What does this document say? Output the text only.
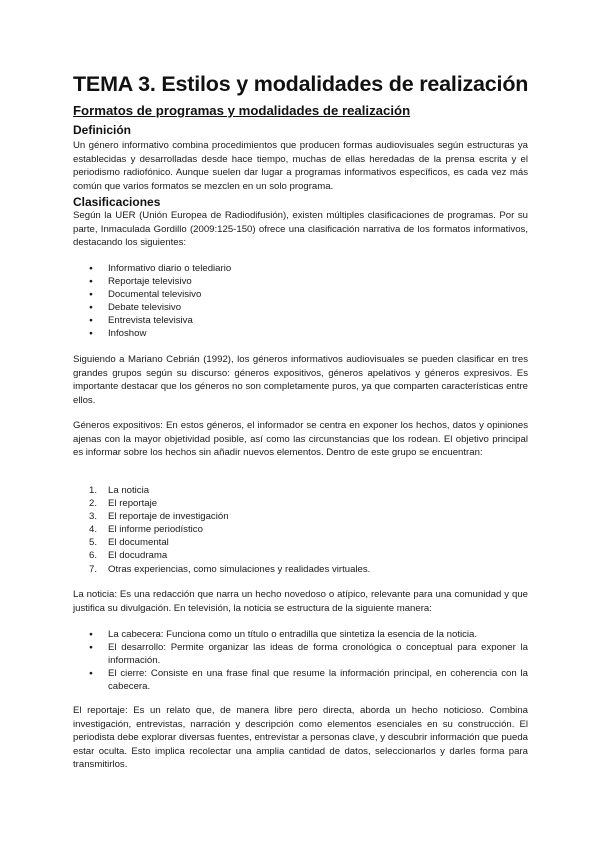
TEMA 3. Estilos y modalidades de realización
Formatos de programas y modalidades de realización
Definición

Un género informativo combina procedimientos que producen formas audiovisuales según estructuras ya establecidas y desarrolladas desde hace tiempo, muchas de ellas heredadas de la prensa escrita y el periodismo radiofónico. Aunque suelen dar lugar a programas informativos específicos, es cada vez más común que varios formatos se mezclen en un solo programa.

Clasificaciones

Según la UER (Unión Europea de Radiodifusión), existen múltiples clasificaciones de programas. Por su parte, Inmaculada Gordillo (2009:125-150) ofrece una clasificación narrativa de los formatos informativos, destacando los siguientes:

● Informativo diario o telediario
● Reportaje televisivo
● Documental televisivo
● Debate televisivo
● Entrevista televisiva
● Infoshow

Siguiendo a Mariano Cebrián (1992), los géneros informativos audiovisuales se pueden clasificar en tres grandes grupos según su discurso: géneros expositivos, géneros apelativos y géneros expresivos. Es importante destacar que los géneros no son completamente puros, ya que comparten características entre ellos.

Géneros expositivos: En estos géneros, el informador se centra en exponer los hechos, datos y opiniones ajenas con la mayor objetividad posible, así como las circunstancias que los rodean. El objetivo principal es informar sobre los hechos sin añadir nuevos elementos. Dentro de este grupo se encuentran:

1. La noticia
2. El reportaje
3. El reportaje de investigación
4. El informe periodístico
5. El documental
6. El docudrama
7. Otras experiencias, como simulaciones y realidades virtuales.

La noticia: Es una redacción que narra un hecho novedoso o atípico, relevante para una comunidad y que justifica su divulgación. En televisión, la noticia se estructura de la siguiente manera:

● La cabecera: Funciona como un título o entradilla que sintetiza la esencia de la noticia.
● El desarrollo: Permite organizar las ideas de forma cronológica o conceptual para exponer la información.
● El cierre: Consiste en una frase final que resume la información principal, en coherencia con la cabecera.

El reportaje: Es un relato que, de manera libre pero directa, aborda un hecho noticioso. Combina investigación, entrevistas, narración y descripción como elementos esenciales en su construcción. El periodista debe explorar diversas fuentes, entrevistar a personas clave, y descubrir información que pueda estar oculta. Esto implica recolectar una amplia cantidad de datos, seleccionarlos y darles forma para transmitirlos.
